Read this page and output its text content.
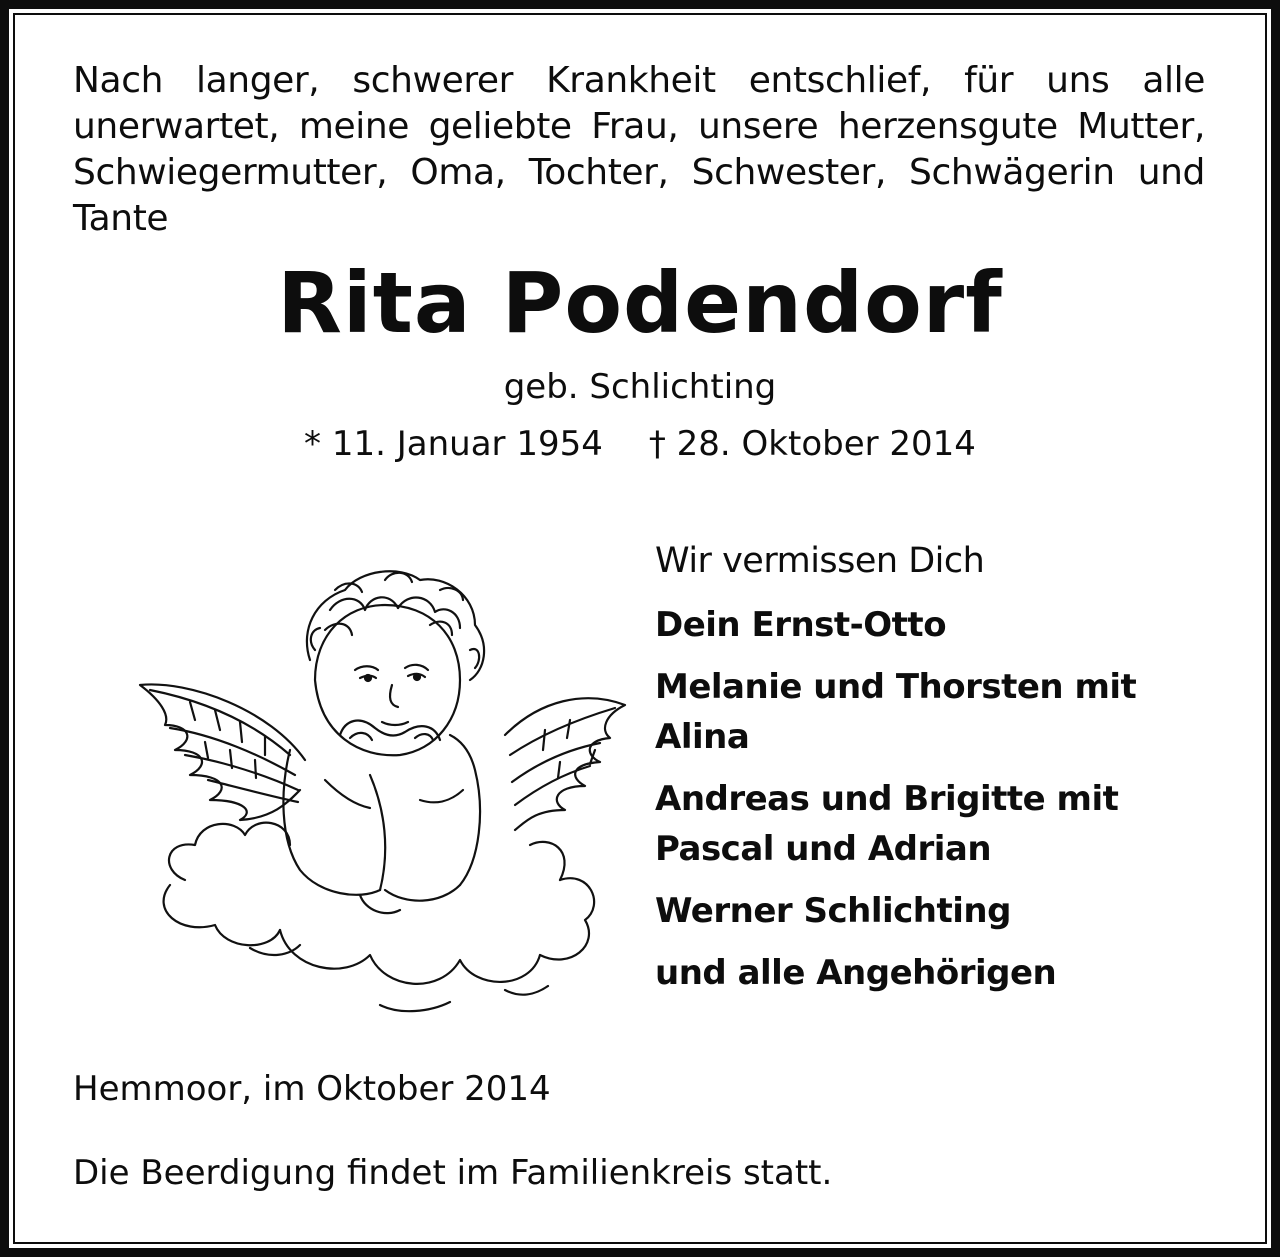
Nach langer, schwerer Krankheit entschlief, für uns alle unerwartet, meine geliebte Frau, unsere herzensgute Mutter, Schwiegermutter, Oma, Tochter, Schwester, Schwägerin und Tante

Rita Podendorf
geb. Schlichting
* 11. Januar 1954 † 28. Oktober 2014
Wir vermissen Dich
Dein Ernst-Otto
Melanie und Thorsten mit Alina
Andreas und Brigitte mit Pascal und Adrian
Werner Schlichting
und alle Angehörigen
Hemmoor, im Oktober 2014
Die Beerdigung findet im Familienkreis statt.
